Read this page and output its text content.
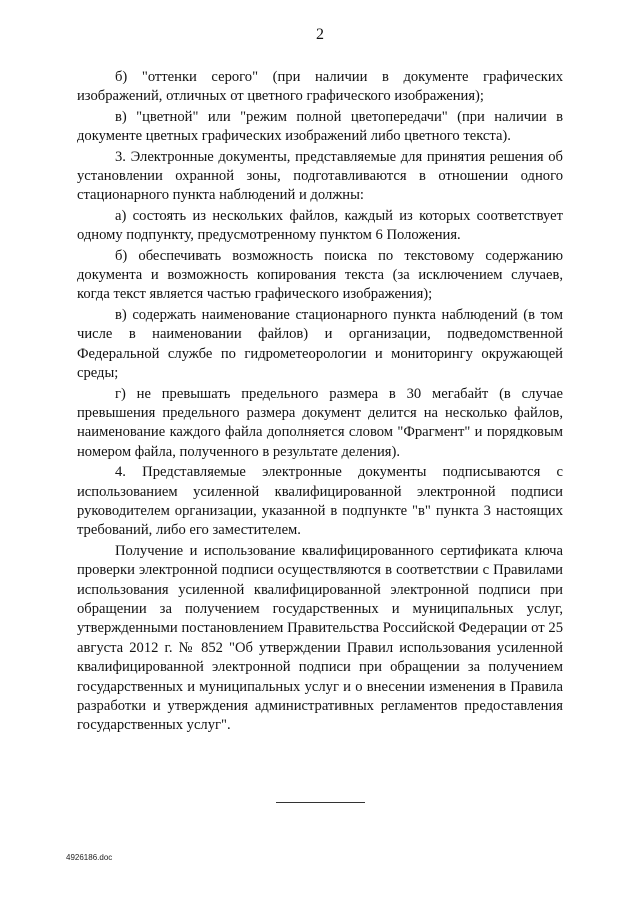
2

б) "оттенки серого" (при наличии в документе графических изображений, отличных от цветного графического изображения);

в) "цветной" или "режим полной цветопередачи" (при наличии в документе цветных графических изображений либо цветного текста).

3. Электронные документы, представляемые для принятия решения об установлении охранной зоны, подготавливаются в отношении одного стационарного пункта наблюдений и должны:

а) состоять из нескольких файлов, каждый из которых соответствует одному подпункту, предусмотренному пунктом 6 Положения.

б) обеспечивать возможность поиска по текстовому содержанию документа и возможность копирования текста (за исключением случаев, когда текст является частью графического изображения);

в) содержать наименование стационарного пункта наблюдений (в том числе в наименовании файлов) и организации, подведомственной Федеральной службе по гидрометеорологии и мониторингу окружающей среды;

г) не превышать предельного размера в 30 мегабайт (в случае превышения предельного размера документ делится на несколько файлов, наименование каждого файла дополняется словом "Фрагмент" и порядковым номером файла, полученного в результате деления).

4. Представляемые электронные документы подписываются с использованием усиленной квалифицированной электронной подписи руководителем организации, указанной в подпункте "в" пункта 3 настоящих требований, либо его заместителем.

Получение и использование квалифицированного сертификата ключа проверки электронной подписи осуществляются в соответствии с Правилами использования усиленной квалифицированной электронной подписи при обращении за получением государственных и муниципальных услуг, утвержденными постановлением Правительства Российской Федерации от 25 августа 2012 г. № 852 "Об утверждении Правил использования усиленной квалифицированной электронной подписи при обращении за получением государственных и муниципальных услуг и о внесении изменения в Правила разработки и утверждения административных регламентов предоставления государственных услуг".

4926186.doc
